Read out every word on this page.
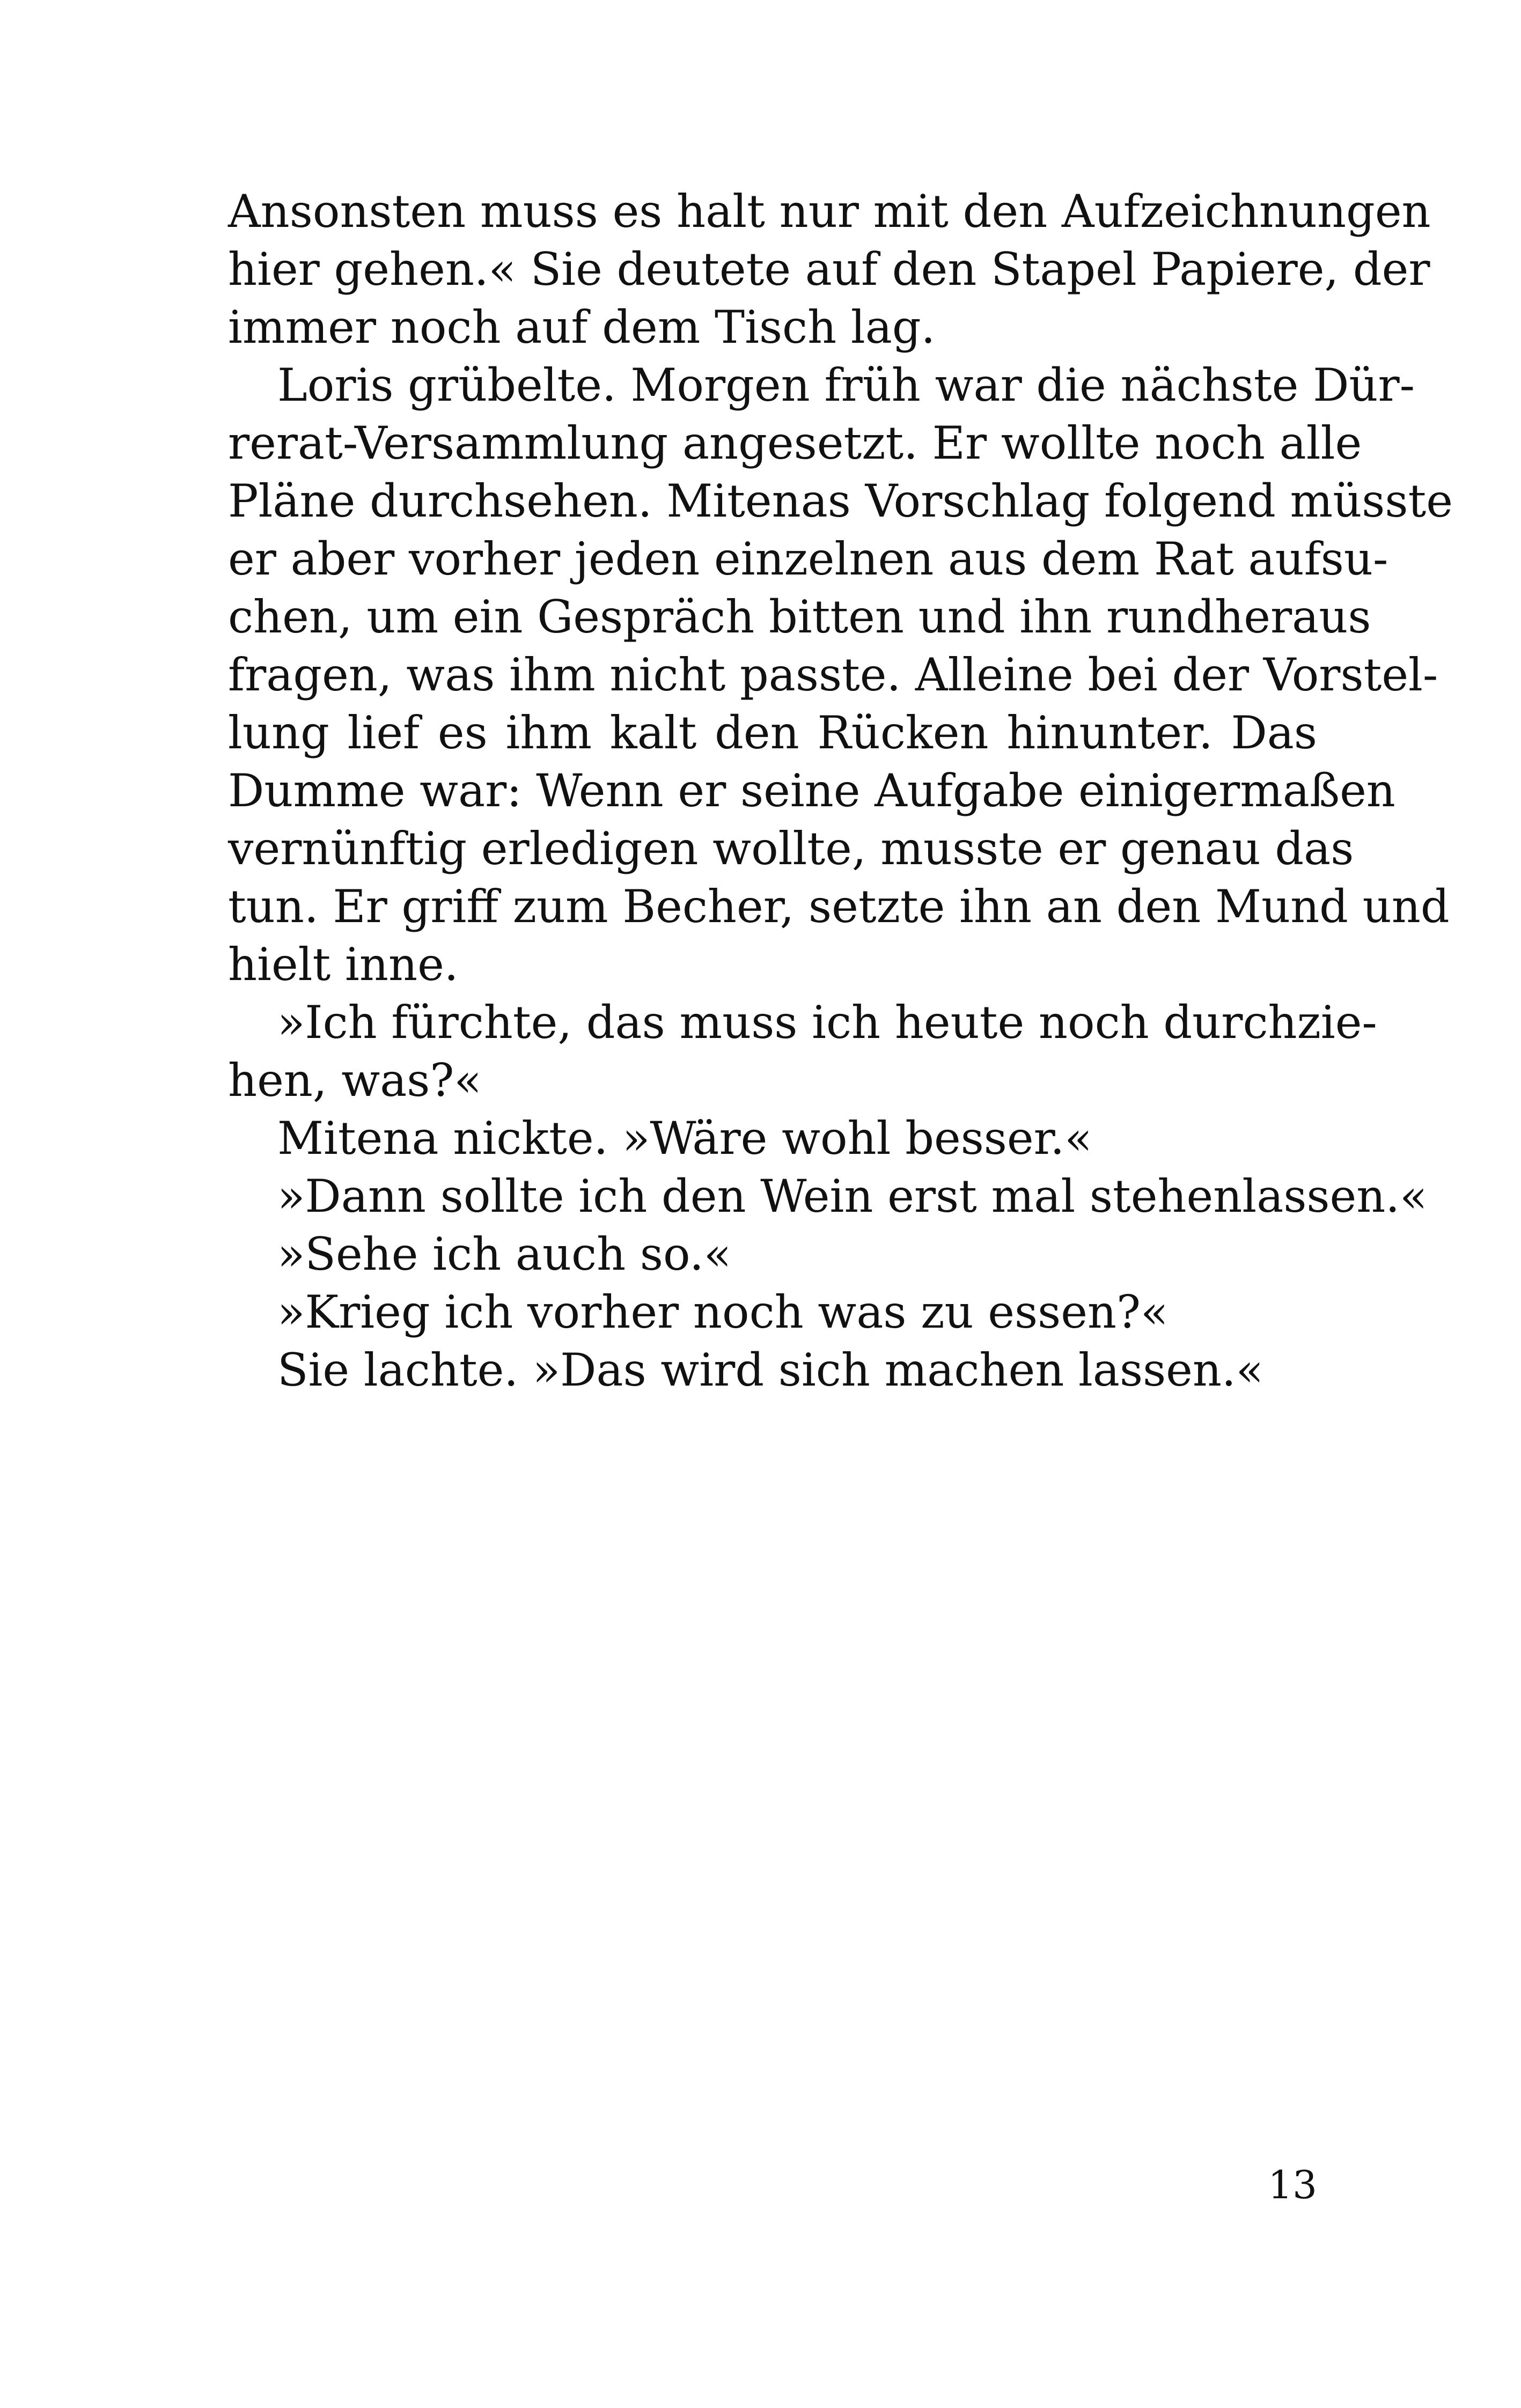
Ansonsten muss es halt nur mit den Aufzeichnungen
hier gehen.« Sie deutete auf den Stapel Papiere, der
immer noch auf dem Tisch lag.
Loris grübelte. Morgen früh war die nächste Dür-
rerat-Versammlung angesetzt. Er wollte noch alle
Pläne durchsehen. Mitenas Vorschlag folgend müsste
er aber vorher jeden einzelnen aus dem Rat aufsu-
chen, um ein Gespräch bitten und ihn rundheraus
fragen, was ihm nicht passte. Alleine bei der Vorstel-
lung lief es ihm kalt den Rücken hinunter. Das
Dumme war: Wenn er seine Aufgabe einigermaßen
vernünftig erledigen wollte, musste er genau das
tun. Er griff zum Becher, setzte ihn an den Mund und
hielt inne.
»Ich fürchte, das muss ich heute noch durchzie-
hen, was?«
Mitena nickte. »Wäre wohl besser.«
»Dann sollte ich den Wein erst mal stehenlassen.«
»Sehe ich auch so.«
»Krieg ich vorher noch was zu essen?«
Sie lachte. »Das wird sich machen lassen.«
13
